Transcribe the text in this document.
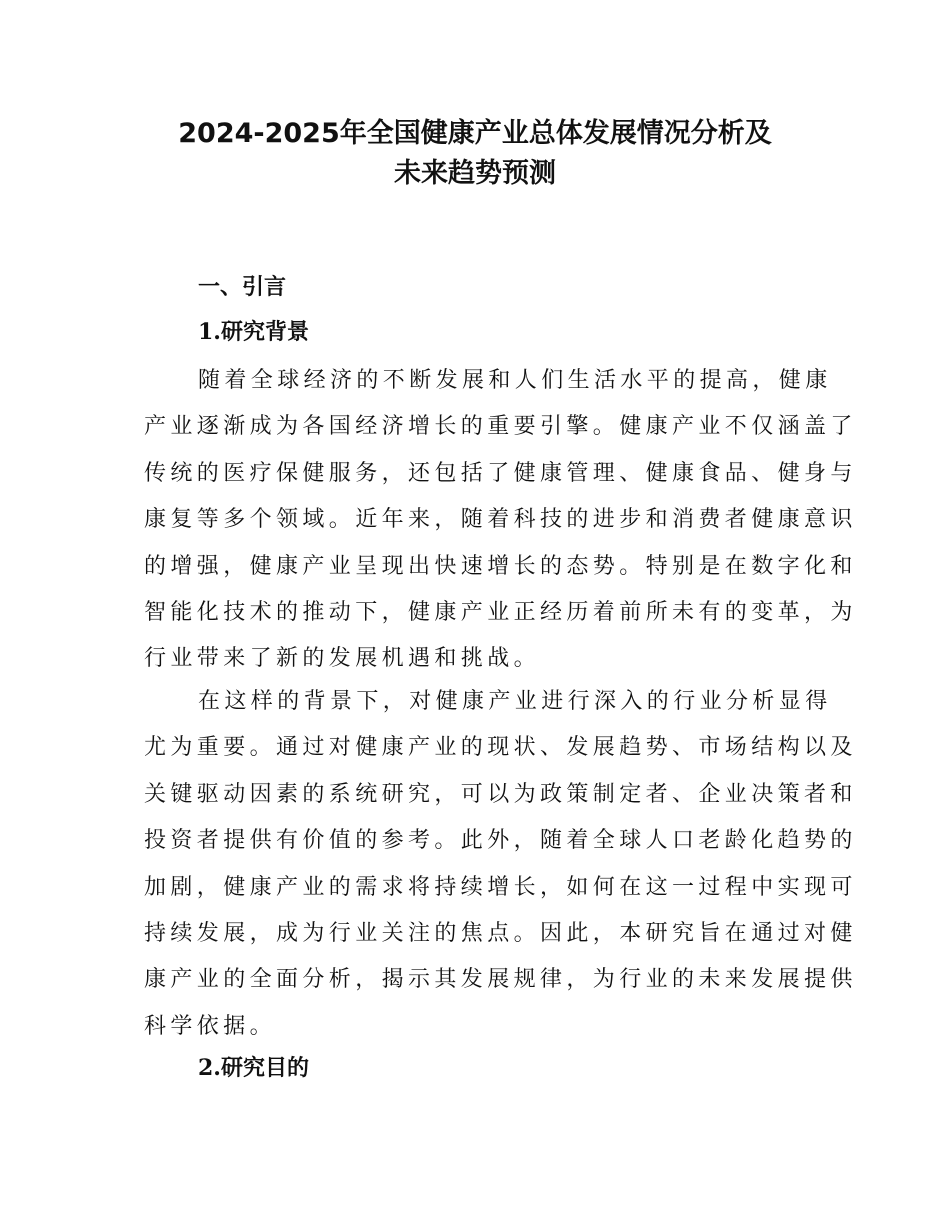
2024-2025年全国健康产业总体发展情况分析及
未来趋势预测
一、引言
1.研究背景
随着全球经济的不断发展和人们生活水平的提高，健康
产业逐渐成为各国经济增长的重要引擎。健康产业不仅涵盖了
传统的医疗保健服务，还包括了健康管理、健康食品、健身与
康复等多个领域。近年来，随着科技的进步和消费者健康意识
的增强，健康产业呈现出快速增长的态势。特别是在数字化和
智能化技术的推动下，健康产业正经历着前所未有的变革，为
行业带来了新的发展机遇和挑战。
在这样的背景下，对健康产业进行深入的行业分析显得
尤为重要。通过对健康产业的现状、发展趋势、市场结构以及
关键驱动因素的系统研究，可以为政策制定者、企业决策者和
投资者提供有价值的参考。此外，随着全球人口老龄化趋势的
加剧，健康产业的需求将持续增长，如何在这一过程中实现可
持续发展，成为行业关注的焦点。因此，本研究旨在通过对健
康产业的全面分析，揭示其发展规律，为行业的未来发展提供
科学依据。
2.研究目的
